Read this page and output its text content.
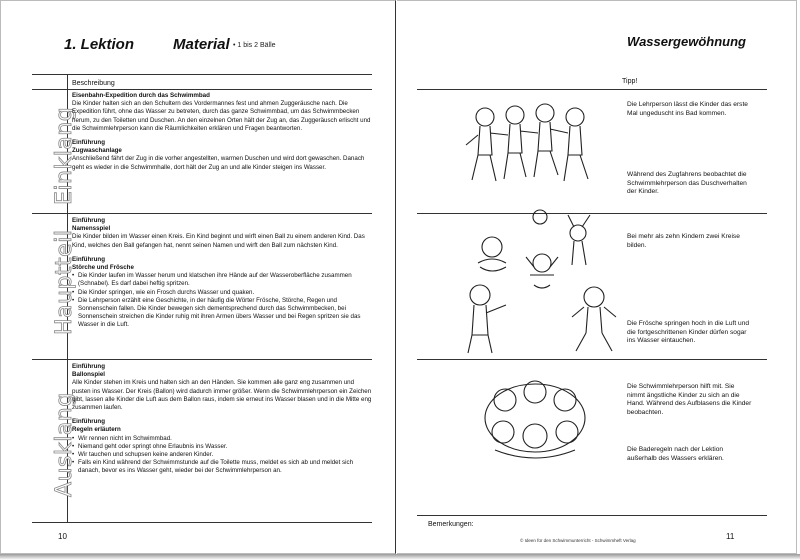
1. Lektion	Material • 1 bis 2 Bälle
Beschreibung
Einklang
Hauptteil
Ausklang

Eisenbahn-Expedition durch das Schwimmbad

Die Kinder halten sich an den Schultern des Vordermannes fest und ahmen Zuggeräusche nach. Die Expedition führt, ohne das Wasser zu betreten, durch das ganze Schwimmbad, um das Schwimmbecken herum, zu den Toiletten und Duschen. An den einzelnen Orten hält der Zug an, das Zuggeräusch erlischt und die Schwimmlehrperson kann die Räumlichkeiten erklären und Fragen beantworten.

Einführung

Zugwaschanlage

Anschließend fährt der Zug in die vorher angestellten, warmen Duschen und wird dort gewaschen. Danach geht es wieder in die Schwimmhalle, dort hält der Zug an und alle Kinder steigen ins Wasser.

Einführung

Namensspiel

Die Kinder bilden im Wasser einen Kreis. Ein Kind beginnt und wirft einen Ball zu einem anderen Kind. Das Kind, welches den Ball gefangen hat, nennt seinen Namen und wirft den Ball zum nächsten Kind.

Einführung

Störche und Frösche

• Die Kinder laufen im Wasser herum und klatschen ihre Hände auf der Wasseroberfläche zusammen (Schnabel). Es darf dabei heftig spritzen.
• Die Kinder springen, wie ein Frosch durchs Wasser und quaken.
• Die Lehrperson erzählt eine Geschichte, in der häufig die Wörter Frösche, Störche, Regen und Sonnenschein fallen. Die Kinder bewegen sich dementsprechend durch das Schwimmbecken, bei Sonnenschein streichen die Kinder ruhig mit ihren Armen übers Wasser und bei Regen spritzen sie das Wasser in die Luft.

Einführung

Ballonspiel

Alle Kinder stehen im Kreis und halten sich an den Händen. Sie kommen alle ganz eng zusammen und pusten ins Wasser. Der Kreis (Ballon) wird dadurch immer größer. Wenn die Schwimmlehrperson ein Zeichen gibt, lassen alle Kinder die Luft aus dem Ballon raus, indem sie erneut ins Wasser blasen und in die Mitte eng zusammen laufen.

Einführung

Regeln erläutern

• Wir rennen nicht im Schwimmbad.
• Niemand geht oder springt ohne Erlaubnis ins Wasser.
• Wir tauchen und schupsen keine anderen Kinder.
• Falls ein Kind während der Schwimmstunde auf die Toilette muss, meldet es sich ab und meldet sich danach, bevor es ins Wasser geht, wieder bei der Schwimmlehrperson an.
10
Wassergewöhnung
Tipp!
Die Lehrperson lässt die Kinder das erste Mal ungeduscht ins Bad kommen.
Während des Zugfahrens beobachtet die Schwimmlehrperson das Duschverhalten der Kinder.
Bei mehr als zehn Kindern zwei Kreise bilden.
Die Frösche springen hoch in die Luft und die fortgeschrittenen Kinder dürfen sogar ins Wasser eintauchen.
Die Schwimmlehrperson hilft mit. Sie nimmt ängstliche Kinder zu sich an die Hand. Während des Aufblasens die Kinder beobachten.
Die Baderegeln nach der Lektion außerhalb des Wassers erklären.
Bemerkungen:
© Ideen für den Schwimmunterricht - Schwimmheft Verlag	11
